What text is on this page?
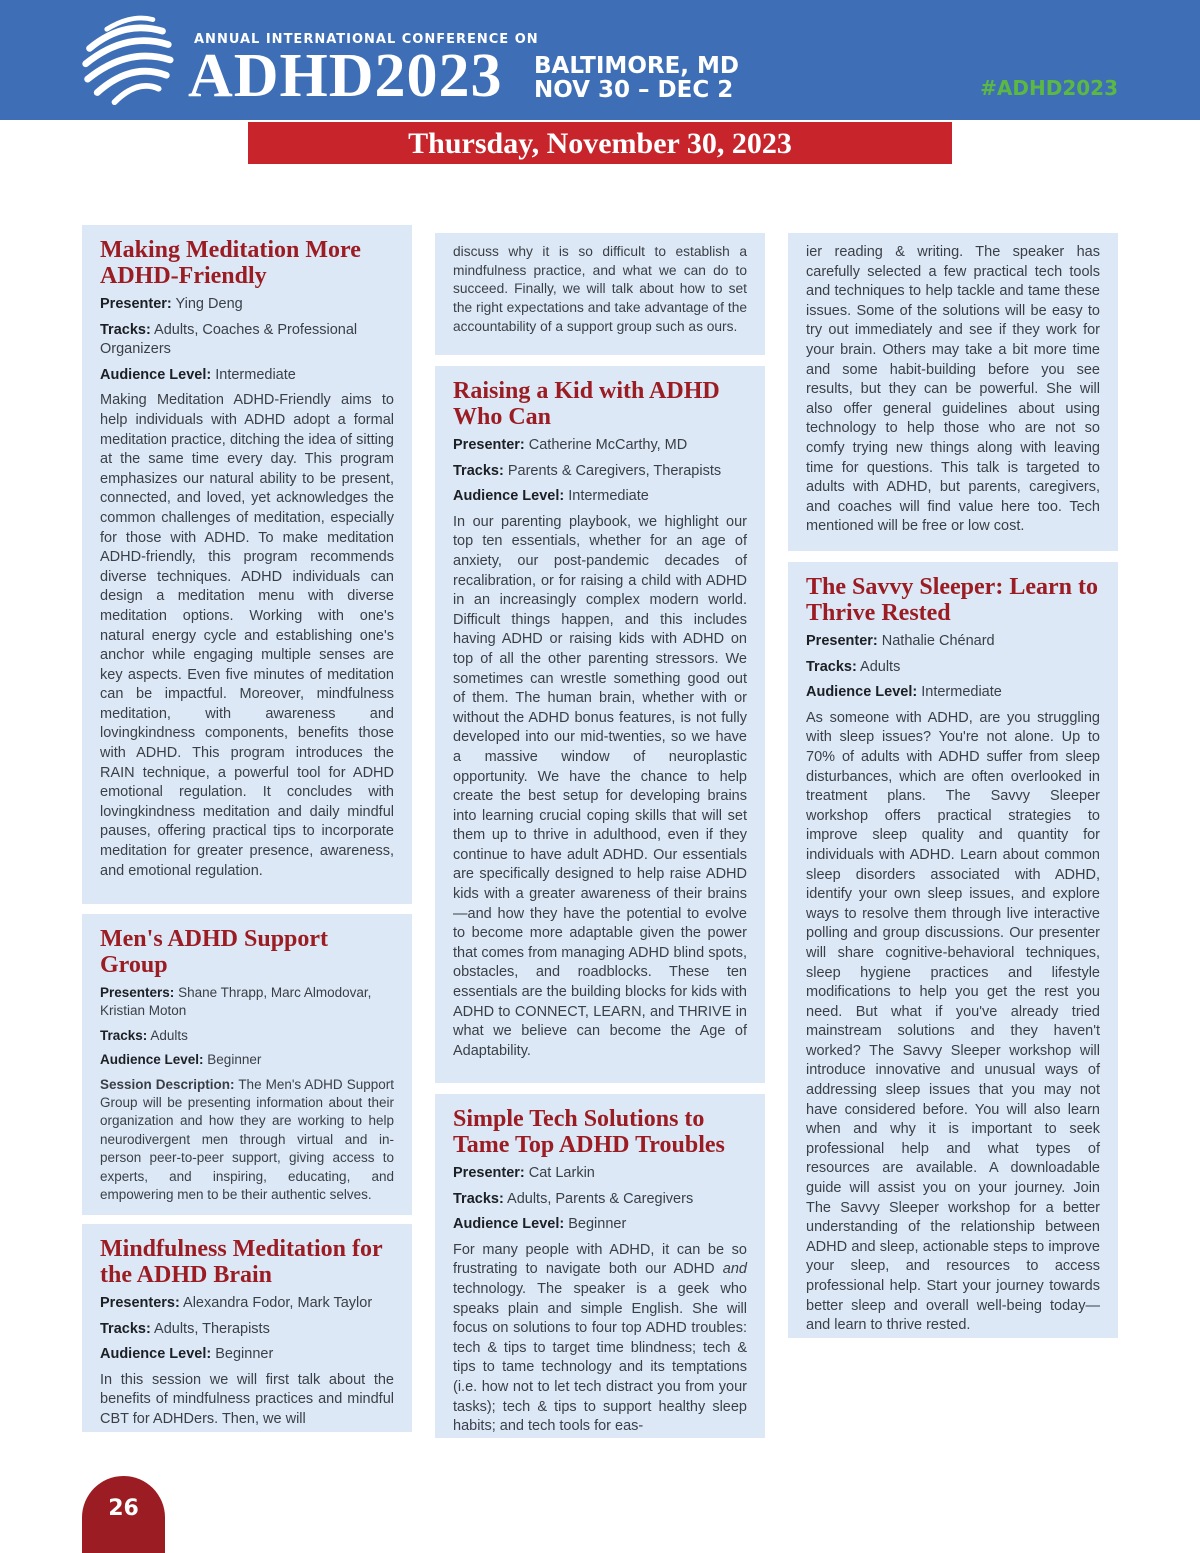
ANNUAL INTERNATIONAL CONFERENCE ON
ADHD2023 BALTIMORE, MD
NOV 30 – DEC 2	#ADHD2023
Thursday, November 30, 2023
Making Meditation More ADHD-Friendly
Presenter: Ying Deng
Tracks: Adults, Coaches & Professional Organizers
Audience Level: Intermediate
Making Meditation ADHD-Friendly aims to help individuals with ADHD adopt a formal meditation practice, ditching the idea of sitting at the same time every day. This program emphasizes our natural ability to be present, connected, and loved, yet acknowledges the common challenges of meditation, especially for those with ADHD. To make meditation ADHD-friendly, this program recommends diverse techniques. ADHD individuals can design a meditation menu with diverse meditation options. Working with one's natural energy cycle and establishing one's anchor while engaging multiple senses are key aspects. Even five minutes of meditation can be impactful. Moreover, mindfulness meditation, with awareness and lovingkindness components, benefits those with ADHD. This program introduces the RAIN technique, a powerful tool for ADHD emotional regulation. It concludes with lovingkindness meditation and daily mindful pauses, offering practical tips to incorporate meditation for greater presence, awareness, and emotional regulation.
Men's ADHD Support Group
Presenters: Shane Thrapp, Marc Almodovar, Kristian Moton
Tracks: Adults
Audience Level: Beginner
Session Description: The Men's ADHD Support Group will be presenting information about their organization and how they are working to help neurodivergent men through virtual and in-person peer-to-peer support, giving access to experts, and inspiring, educating, and empowering men to be their authentic selves.
Mindfulness Meditation for the ADHD Brain
Presenters: Alexandra Fodor, Mark Taylor
Tracks: Adults, Therapists
Audience Level: Beginner
In this session we will first talk about the benefits of mindfulness practices and mindful CBT for ADHDers. Then, we will
discuss why it is so difficult to establish a mindfulness practice, and what we can do to succeed. Finally, we will talk about how to set the right expectations and take advantage of the accountability of a support group such as ours.
Raising a Kid with ADHD Who Can
Presenter: Catherine McCarthy, MD
Tracks: Parents & Caregivers, Therapists
Audience Level: Intermediate
In our parenting playbook, we highlight our top ten essentials, whether for an age of anxiety, our post-pandemic decades of recalibration, or for raising a child with ADHD in an increasingly complex modern world. Difficult things happen, and this includes having ADHD or raising kids with ADHD on top of all the other parenting stressors. We sometimes can wrestle something good out of them. The human brain, whether with or without the ADHD bonus features, is not fully developed into our mid-twenties, so we have a massive window of neuroplastic opportunity. We have the chance to help create the best setup for developing brains into learning crucial coping skills that will set them up to thrive in adulthood, even if they continue to have adult ADHD. Our essentials are specifically designed to help raise ADHD kids with a greater awareness of their brains—and how they have the potential to evolve to become more adaptable given the power that comes from managing ADHD blind spots, obstacles, and roadblocks. These ten essentials are the building blocks for kids with ADHD to CONNECT, LEARN, and THRIVE in what we believe can become the Age of Adaptability.
Simple Tech Solutions to Tame Top ADHD Troubles
Presenter: Cat Larkin
Tracks: Adults, Parents & Caregivers
Audience Level: Beginner
For many people with ADHD, it can be so frustrating to navigate both our ADHD and technology. The speaker is a geek who speaks plain and simple English. She will focus on solutions to four top ADHD troubles: tech & tips to target time blindness; tech & tips to tame technology and its temptations (i.e. how not to let tech distract you from your tasks); tech & tips to support healthy sleep habits; and tech tools for eas-
ier reading & writing. The speaker has carefully selected a few practical tech tools and techniques to help tackle and tame these issues. Some of the solutions will be easy to try out immediately and see if they work for your brain. Others may take a bit more time and some habit-building before you see results, but they can be powerful. She will also offer general guidelines about using technology to help those who are not so comfy trying new things along with leaving time for questions. This talk is targeted to adults with ADHD, but parents, caregivers, and coaches will find value here too. Tech mentioned will be free or low cost.
The Savvy Sleeper: Learn to Thrive Rested
Presenter: Nathalie Chénard
Tracks: Adults
Audience Level: Intermediate
As someone with ADHD, are you struggling with sleep issues? You're not alone. Up to 70% of adults with ADHD suffer from sleep disturbances, which are often overlooked in treatment plans. The Savvy Sleeper workshop offers practical strategies to improve sleep quality and quantity for individuals with ADHD. Learn about common sleep disorders associated with ADHD, identify your own sleep issues, and explore ways to resolve them through live interactive polling and group discussions. Our presenter will share cognitive-behavioral techniques, sleep hygiene practices and lifestyle modifications to help you get the rest you need. But what if you've already tried mainstream solutions and they haven't worked? The Savvy Sleeper workshop will introduce innovative and unusual ways of addressing sleep issues that you may not have considered before. You will also learn when and why it is important to seek professional help and what types of resources are available. A downloadable guide will assist you on your journey. Join The Savvy Sleeper workshop for a better understanding of the relationship between ADHD and sleep, actionable steps to improve your sleep, and resources to access professional help. Start your journey towards better sleep and overall well-being today—and learn to thrive rested.
26
